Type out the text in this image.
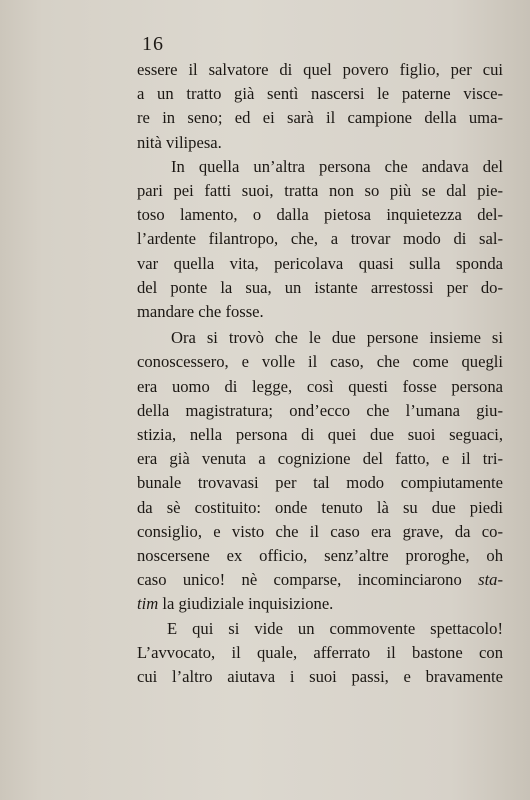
16
essere il salvatore di quel povero figlio, per cui
a un tratto già sentì nascersi le paterne visce-
re in seno; ed ei sarà il campione della uma-
nità vilipesa.
In quella un’altra persona che andava del
pari pei fatti suoi, tratta non so più se dal pie-
toso lamento, o dalla pietosa inquietezza del-
l’ardente filantropo, che, a trovar modo di sal-
var quella vita, pericolava quasi sulla sponda
del ponte la sua, un istante arrestossi per do-
mandare che fosse.
Ora si trovò che le due persone insieme si
conoscessero, e volle il caso, che come quegli
era uomo di legge, così questi fosse persona
della magistratura; ond’ecco che l’umana giu-
stizia, nella persona di quei due suoi seguaci,
era già venuta a cognizione del fatto, e il tri-
bunale trovavasi per tal modo compiutamente
da sè costituito: onde tenuto là su due piedi
consiglio, e visto che il caso era grave, da co-
noscersene ex officio, senz’altre proroghe, oh
caso unico! nè comparse, incominciarono sta-
tim la giudiziale inquisizione.
E qui si vide un commovente spettacolo!
L’avvocato, il quale, afferrato il bastone con
cui l’altro aiutava i suoi passi, e bravamente
